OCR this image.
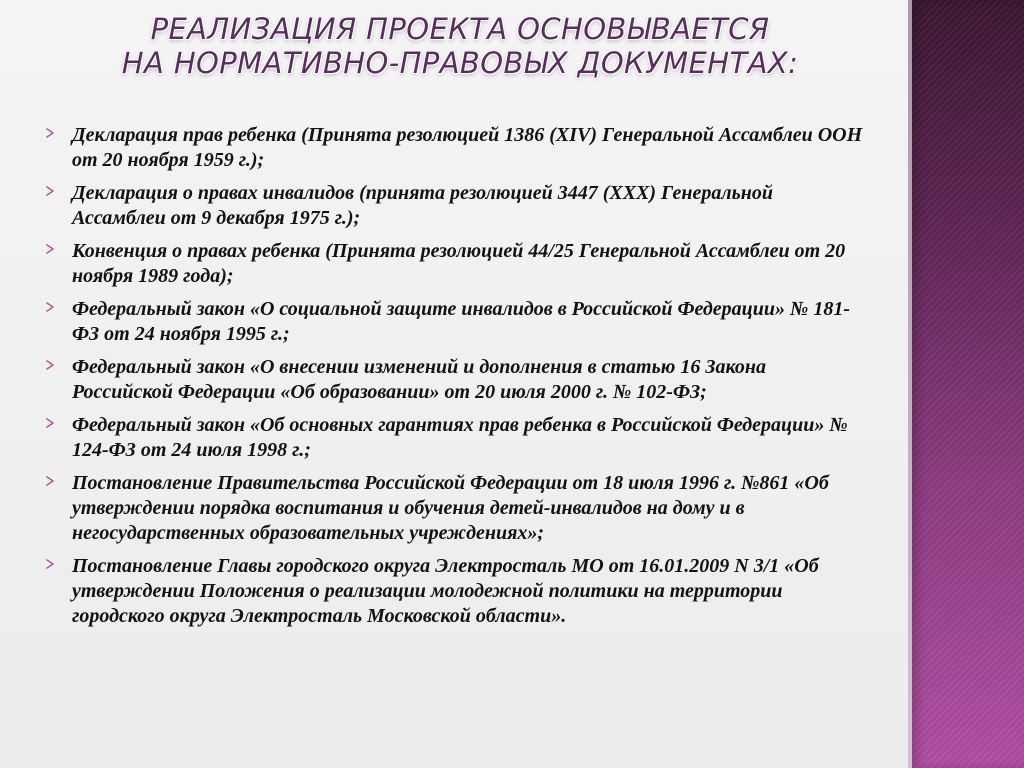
РЕАЛИЗАЦИЯ ПРОЕКТА ОСНОВЫВАЕТСЯ
НА НОРМАТИВНО-ПРАВОВЫХ ДОКУМЕНТАХ:
Декларация прав ребенка (Принята резолюцией 1386 (XIV) Генеральной Ассамблеи ООН от 20 ноября 1959 г.);
Декларация о правах инвалидов (принята резолюцией 3447 (XXX) Генеральной Ассамблеи от 9 декабря 1975 г.);
Конвенция о правах ребенка (Принята резолюцией 44/25 Генеральной Ассамблеи от 20 ноября 1989 года);
Федеральный закон «О социальной защите инвалидов в Российской Федерации» № 181-ФЗ от 24 ноября 1995 г.;
Федеральный закон «О внесении изменений и дополнения в статью 16 Закона Российской Федерации «Об образовании» от 20 июля 2000 г. № 102-ФЗ;
Федеральный закон «Об основных гарантиях прав ребенка в Российской Федерации» № 124-ФЗ от 24 июля 1998 г.;
Постановление Правительства Российской Федерации от 18 июля 1996 г. №861 «Об утверждении порядка воспитания и обучения детей-инвалидов на дому и в негосударственных образовательных учреждениях»;
Постановление Главы городского округа Электросталь МО от 16.01.2009 N 3/1 «Об утверждении Положения о реализации молодежной политики на территории городского округа Электросталь Московской области».
